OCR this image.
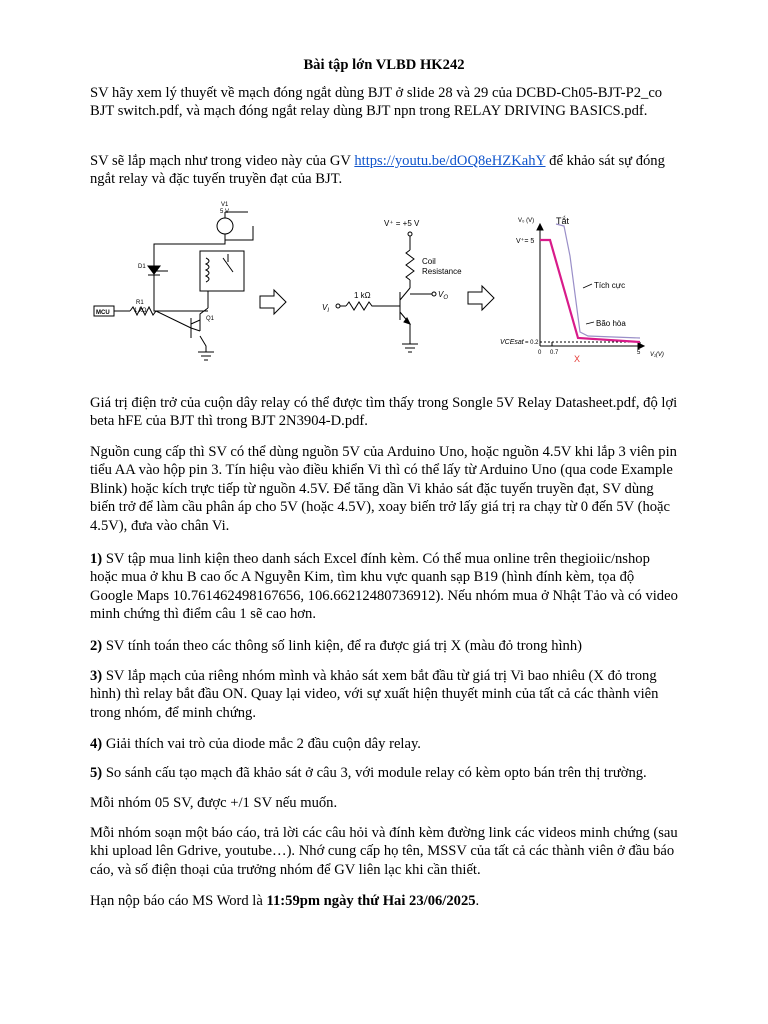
Bài tập lớn VLBD HK242

SV hãy xem lý thuyết về mạch đóng ngắt dùng BJT ở slide 28 và 29 của DCBD-Ch05-BJT-P2_co BJT switch.pdf, và mạch đóng ngắt relay dùng BJT npn trong RELAY DRIVING BASICS.pdf.

SV sẽ lắp mạch như trong video này của GV https://youtu.be/dOQ8eHZKahY để khảo sát sự đóng ngắt relay và đặc tuyến truyền đạt của BJT.

V1
5 V
D1
R1
1 kΩ
Q1
MCU
V⁺ = +5 V
Coil
Resistance
1 kΩ
$V_I$
$V_O$
V₀ (V) Tắt
V⁺= 5
Tích cực
Bão hòa
VCEsat = 0.2
0 0.7	5 V₁(V)
X

Giá trị điện trở của cuộn dây relay có thể được tìm thấy trong Songle 5V Relay Datasheet.pdf, độ lợi beta hFE của BJT thì trong BJT 2N3904-D.pdf.

Nguồn cung cấp thì SV có thể dùng nguồn 5V của Arduino Uno, hoặc nguồn 4.5V khi lắp 3 viên pin tiểu AA vào hộp pin 3. Tín hiệu vào điều khiển Vi thì có thể lấy từ Arduino Uno (qua code Example Blink) hoặc kích trực tiếp từ nguồn 4.5V. Để tăng dần Vi khảo sát đặc tuyến truyền đạt, SV dùng biến trở để làm cầu phân áp cho 5V (hoặc 4.5V), xoay biến trở lấy giá trị ra chạy từ 0 đến 5V (hoặc 4.5V), đưa vào chân Vi.

1) SV tập mua linh kiện theo danh sách Excel đính kèm. Có thể mua online trên thegioiic/nshop hoặc mua ở khu B cao ốc A Nguyễn Kim, tìm khu vực quanh sạp B19 (hình đính kèm, tọa độ Google Maps 10.761462498167656, 106.66212480736912). Nếu nhóm mua ở Nhật Tảo và có video minh chứng thì điểm câu 1 sẽ cao hơn.

2) SV tính toán theo các thông số linh kiện, để ra được giá trị X (màu đỏ trong hình)

3) SV lắp mạch của riêng nhóm mình và khảo sát xem bắt đầu từ giá trị Vi bao nhiêu (X đỏ trong hình) thì relay bắt đầu ON. Quay lại video, với sự xuất hiện thuyết minh của tất cả các thành viên trong nhóm, để minh chứng.

4) Giải thích vai trò của diode mắc 2 đầu cuộn dây relay.

5) So sánh cấu tạo mạch đã khảo sát ở câu 3, với module relay có kèm opto bán trên thị trường.

Mỗi nhóm 05 SV, được +/1 SV nếu muốn.

Mỗi nhóm soạn một báo cáo, trả lời các câu hỏi và đính kèm đường link các videos minh chứng (sau khi upload lên Gdrive, youtube…). Nhớ cung cấp họ tên, MSSV của tất cả các thành viên ở đầu báo cáo, và số điện thoại của trưởng nhóm để GV liên lạc khi cần thiết.

Hạn nộp báo cáo MS Word là 11:59pm ngày thứ Hai 23/06/2025.
